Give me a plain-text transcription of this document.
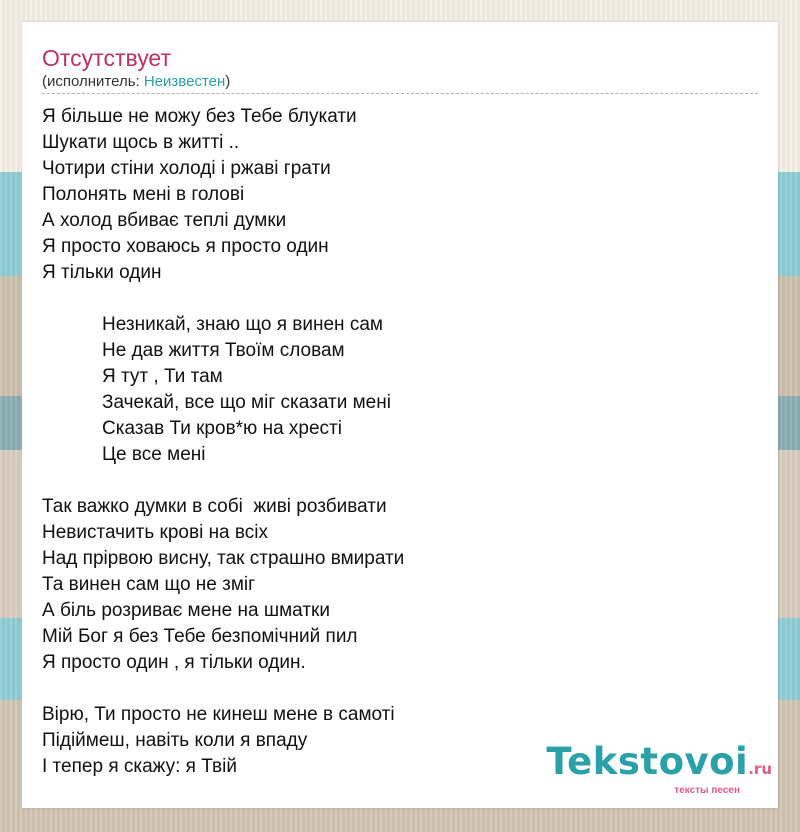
Отсутствует
(исполнитель: Неизвестен)
Я більше не можу без Тебе блукати
Шукати щось в житті ..
Чотири стіни холоді і ржаві грати
Полонять мені в голові
А холод вбиває теплі думки
Я просто ховаюсь я просто один
Я тільки один
Незникай, знаю що я винен сам
Не дав життя Твоїм словам
Я тут , Ти там
Зачекай, все що міг сказати мені
Сказав Ти кров*ю на хресті
Це все мені
Так важко думки в собі  живі розбивати
Невистачить крові на всіх
Над прірвою висну, так страшно вмирати
Та винен сам що не зміг
А біль розриває мене на шматки
Мій Бог я без Тебе безпомічний пил
Я просто один , я тільки один.
Вірю, Ти просто не кинеш мене в самоті
Підіймеш, навіть коли я впаду
І тепер я скажу: я Твій	Tekstovoi.ru
тексты песен
